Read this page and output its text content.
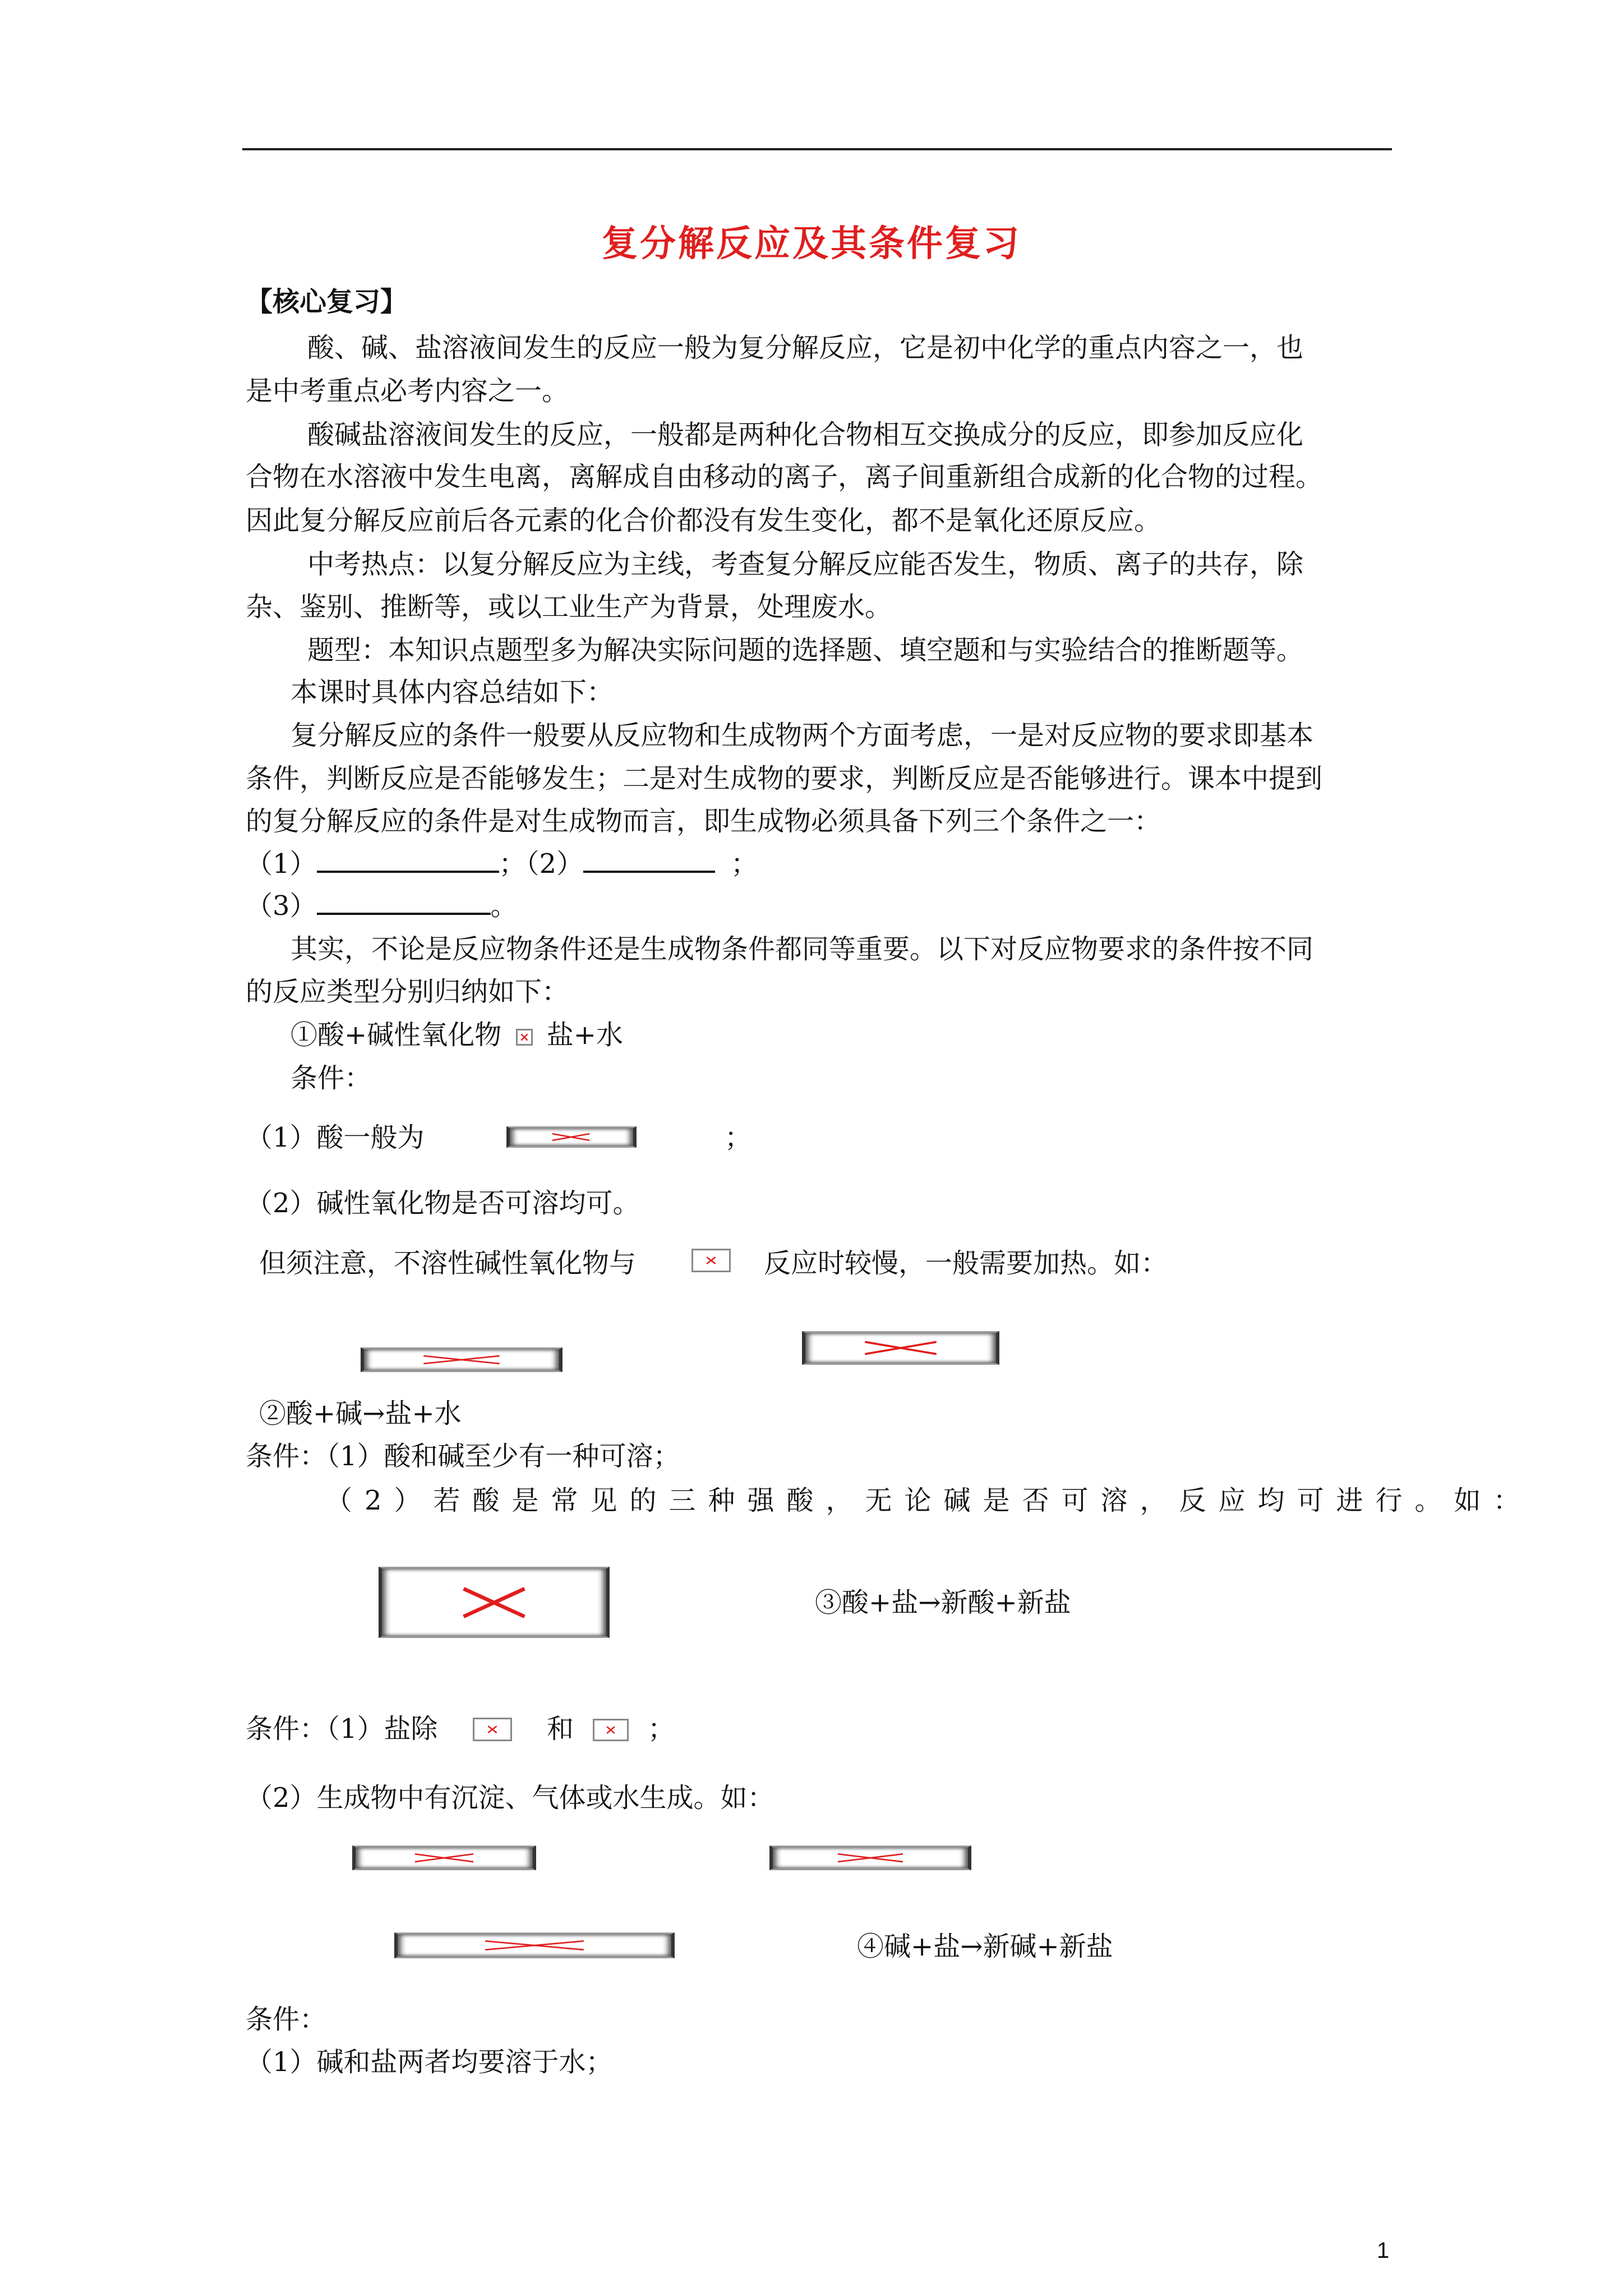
复分解反应及其条件复习
【核心复习】
酸、碱、盐溶液间发生的反应一般为复分解反应，它是初中化学的重点内容之一，也
是中考重点必考内容之一。
酸碱盐溶液间发生的反应，一般都是两种化合物相互交换成分的反应，即参加反应化
合物在水溶液中发生电离，离解成自由移动的离子，离子间重新组合成新的化合物的过程。
因此复分解反应前后各元素的化合价都没有发生变化，都不是氧化还原反应。
中考热点：以复分解反应为主线，考查复分解反应能否发生，物质、离子的共存，除
杂、鉴别、推断等，或以工业生产为背景，处理废水。
题型：本知识点题型多为解决实际问题的选择题、填空题和与实验结合的推断题等。
本课时具体内容总结如下：
复分解反应的条件一般要从反应物和生成物两个方面考虑，一是对反应物的要求即基本
条件，判断反应是否能够发生；二是对生成物的要求，判断反应是否能够进行。课本中提到
的复分解反应的条件是对生成物而言，即生成物必须具备下列三个条件之一：
（1）	；（2）	；
（3）	。
其实，不论是反应物条件还是生成物条件都同等重要。以下对反应物要求的条件按不同
的反应类型分别归纳如下：
①酸+碱性氧化物 盐+水
条件：
（1）酸一般为	；
（2）碱性氧化物是否可溶均可。
但须注意，不溶性碱性氧化物与	反应时较慢，一般需要加热。如：
②酸+碱→盐+水
条件：（1）酸和碱至少有一种可溶；
（2）若酸是常见的三种强酸，无论碱是否可溶，反应均可进行。如：
③酸+盐→新酸+新盐
条件：（1）盐除	和	；
（2）生成物中有沉淀、气体或水生成。如：
④碱+盐→新碱+新盐
条件：
（1）碱和盐两者均要溶于水；
1
